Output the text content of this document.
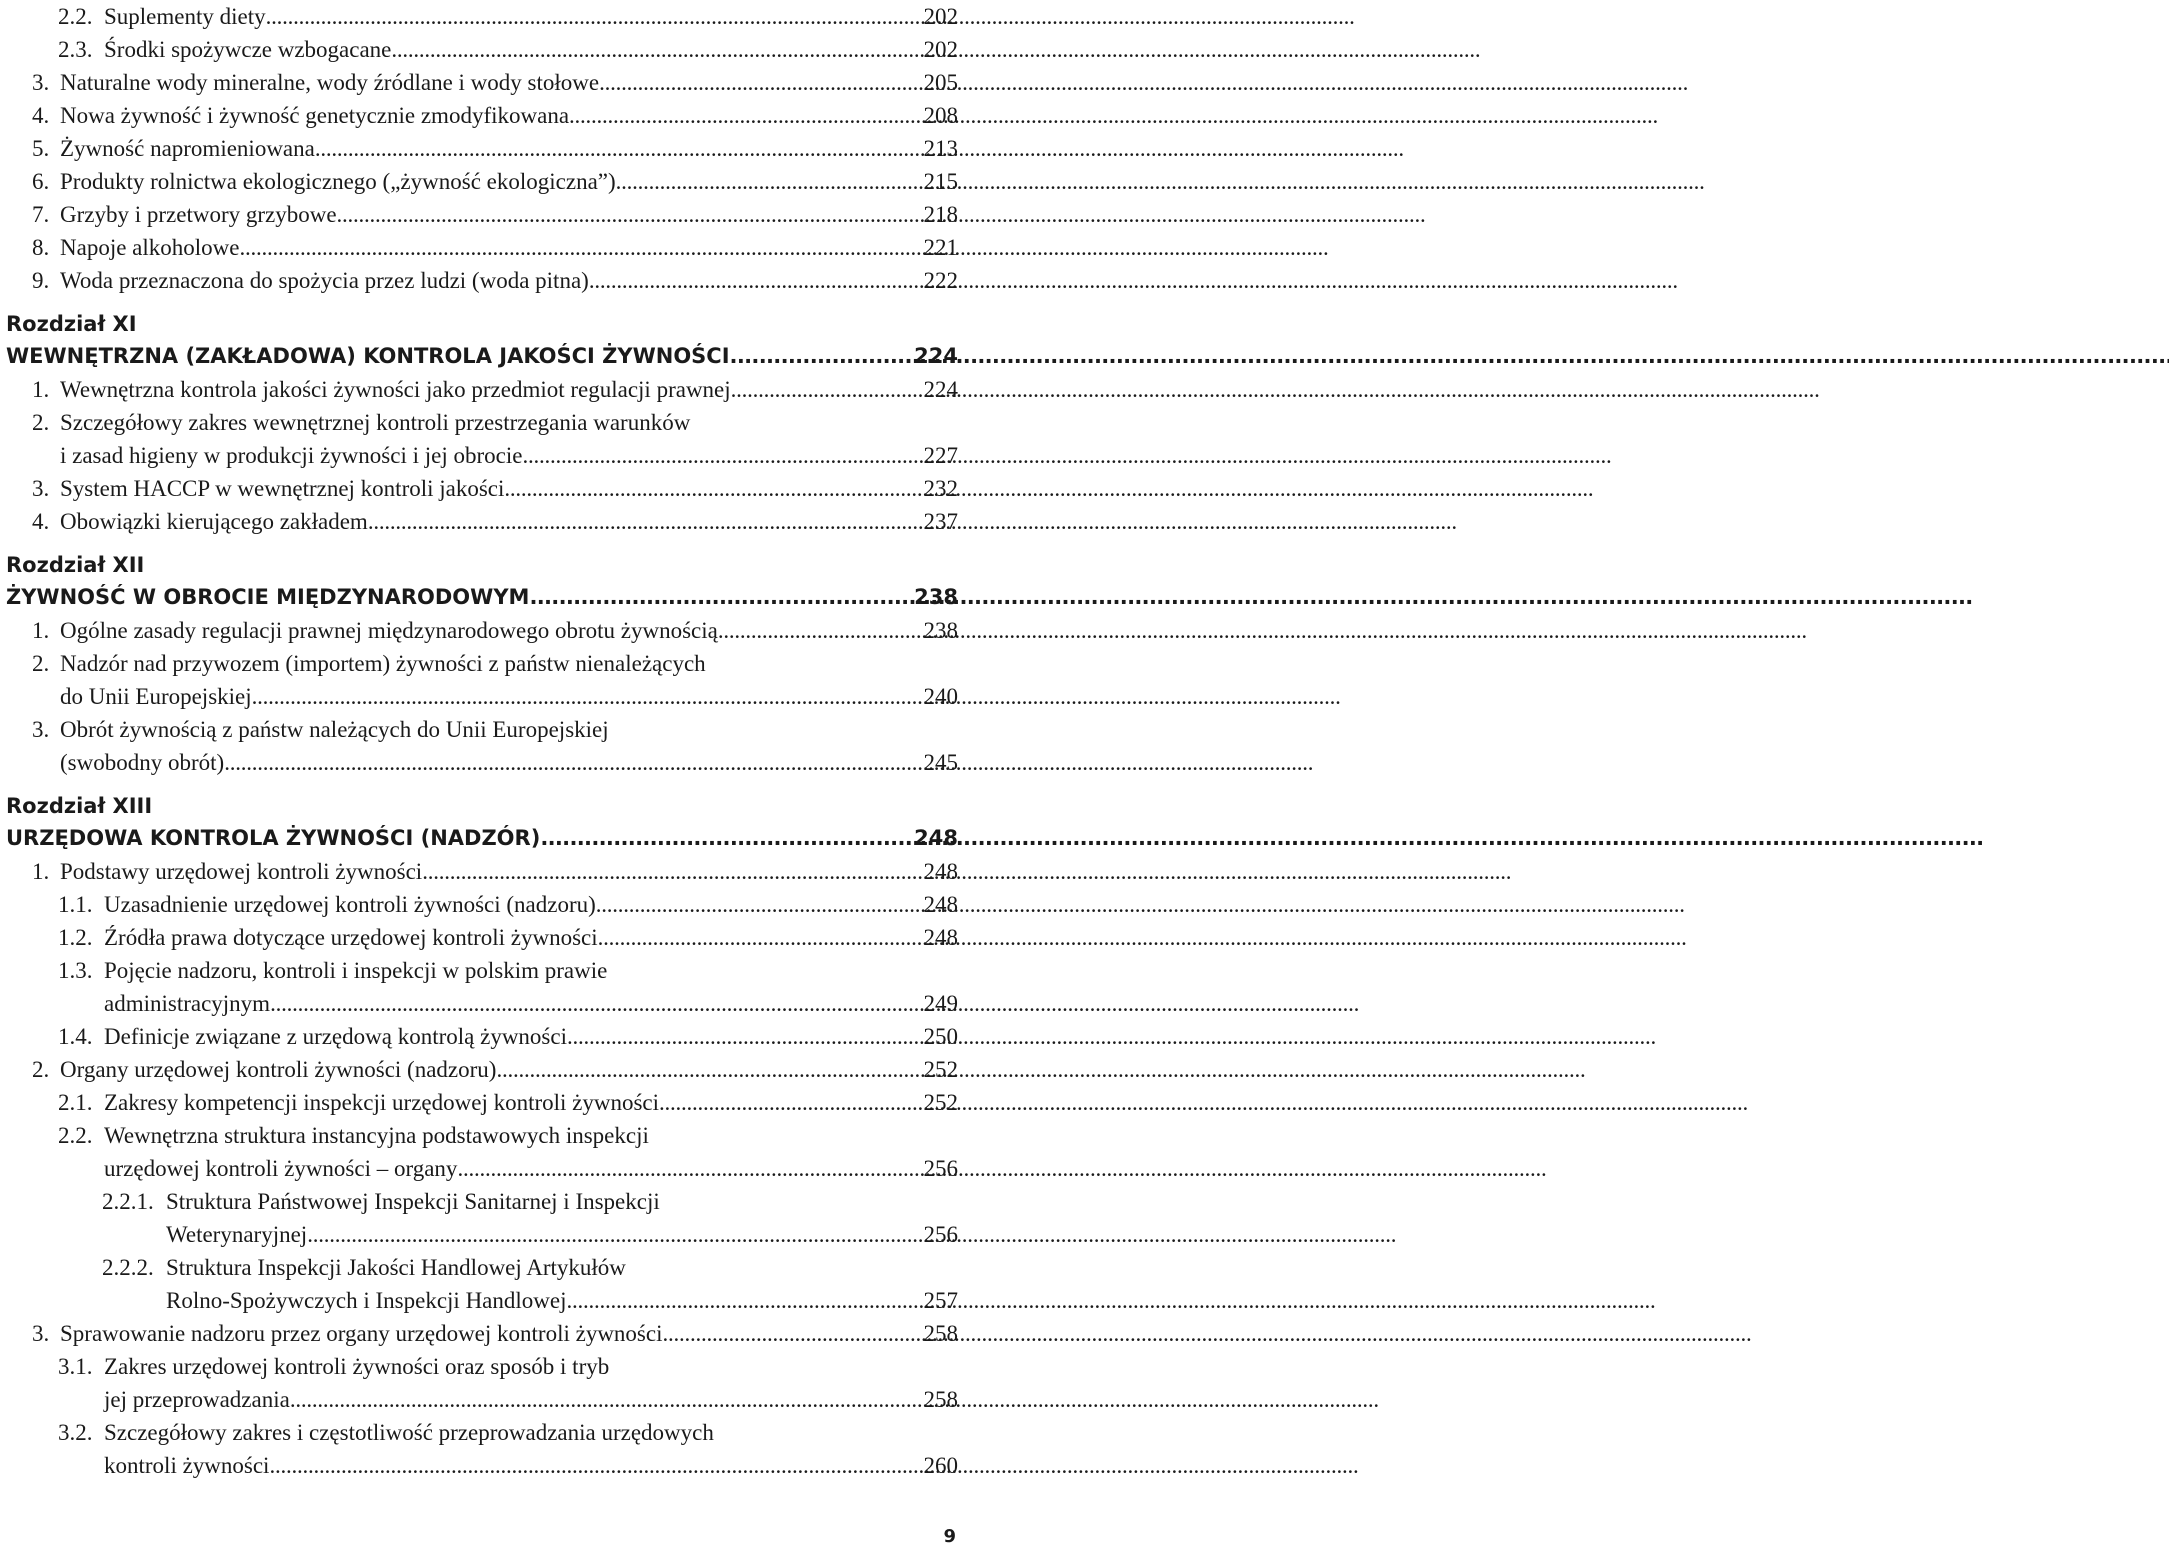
2.2. Suplementy diety . . .	202
2.3. Środki spożywcze wzbogacane . . .	202
3. Naturalne wody mineralne, wody źródlane i wody stołowe . . .	205
4. Nowa żywność i żywność genetycznie zmodyfikowana . . .	208
5. Żywność napromieniowana . . .	213
6. Produkty rolnictwa ekologicznego („żywność ekologiczna”) . . .	215
7. Grzyby i przetwory grzybowe . . .	218
8. Napoje alkoholowe . . .	221
9. Woda przeznaczona do spożycia przez ludzi (woda pitna) . . .	222
Rozdział XI
WEWNĘTRZNA (ZAKŁADOWA) KONTROLA JAKOŚCI ŻYWNOŚCI . . .	224
1. Wewnętrzna kontrola jakości żywności jako przedmiot regulacji prawnej . . .	224
2. Szczegółowy zakres wewnętrznej kontroli przestrzegania warunków
i zasad higieny w produkcji żywności i jej obrocie . . .	227
3. System HACCP w wewnętrznej kontroli jakości . . .	232
4. Obowiązki kierującego zakładem . . .	237
Rozdział XII
ŻYWNOŚĆ W OBROCIE MIĘDZYNARODOWYM . . .	238
1. Ogólne zasady regulacji prawnej międzynarodowego obrotu żywnością . . .	238
2. Nadzór nad przywozem (importem) żywności z państw nienależących
do Unii Europejskiej . . .	240
3. Obrót żywnością z państw należących do Unii Europejskiej
(swobodny obrót) . . .	245
Rozdział XIII
URZĘDOWA KONTROLA ŻYWNOŚCI (NADZÓR) . . .	248
1. Podstawy urzędowej kontroli żywności . . .	248
1.1. Uzasadnienie urzędowej kontroli żywności (nadzoru) . . .	248
1.2. Źródła prawa dotyczące urzędowej kontroli żywności . . .	248
1.3. Pojęcie nadzoru, kontroli i inspekcji w polskim prawie
administracyjnym . . .	249
1.4. Definicje związane z urzędową kontrolą żywności . . .	250
2. Organy urzędowej kontroli żywności (nadzoru) . . .	252
2.1. Zakresy kompetencji inspekcji urzędowej kontroli żywności . . .	252
2.2. Wewnętrzna struktura instancyjna podstawowych inspekcji
urzędowej kontroli żywności – organy . . .	256
2.2.1. Struktura Państwowej Inspekcji Sanitarnej i Inspekcji
Weterynaryjnej . . .	256
2.2.2. Struktura Inspekcji Jakości Handlowej Artykułów
Rolno-Spożywczych i Inspekcji Handlowej . . .	257
3. Sprawowanie nadzoru przez organy urzędowej kontroli żywności . . .	258
3.1. Zakres urzędowej kontroli żywności oraz sposób i tryb
jej przeprowadzania . . .	258
3.2. Szczegółowy zakres i częstotliwość przeprowadzania urzędowych
kontroli żywności . . .	260
9
